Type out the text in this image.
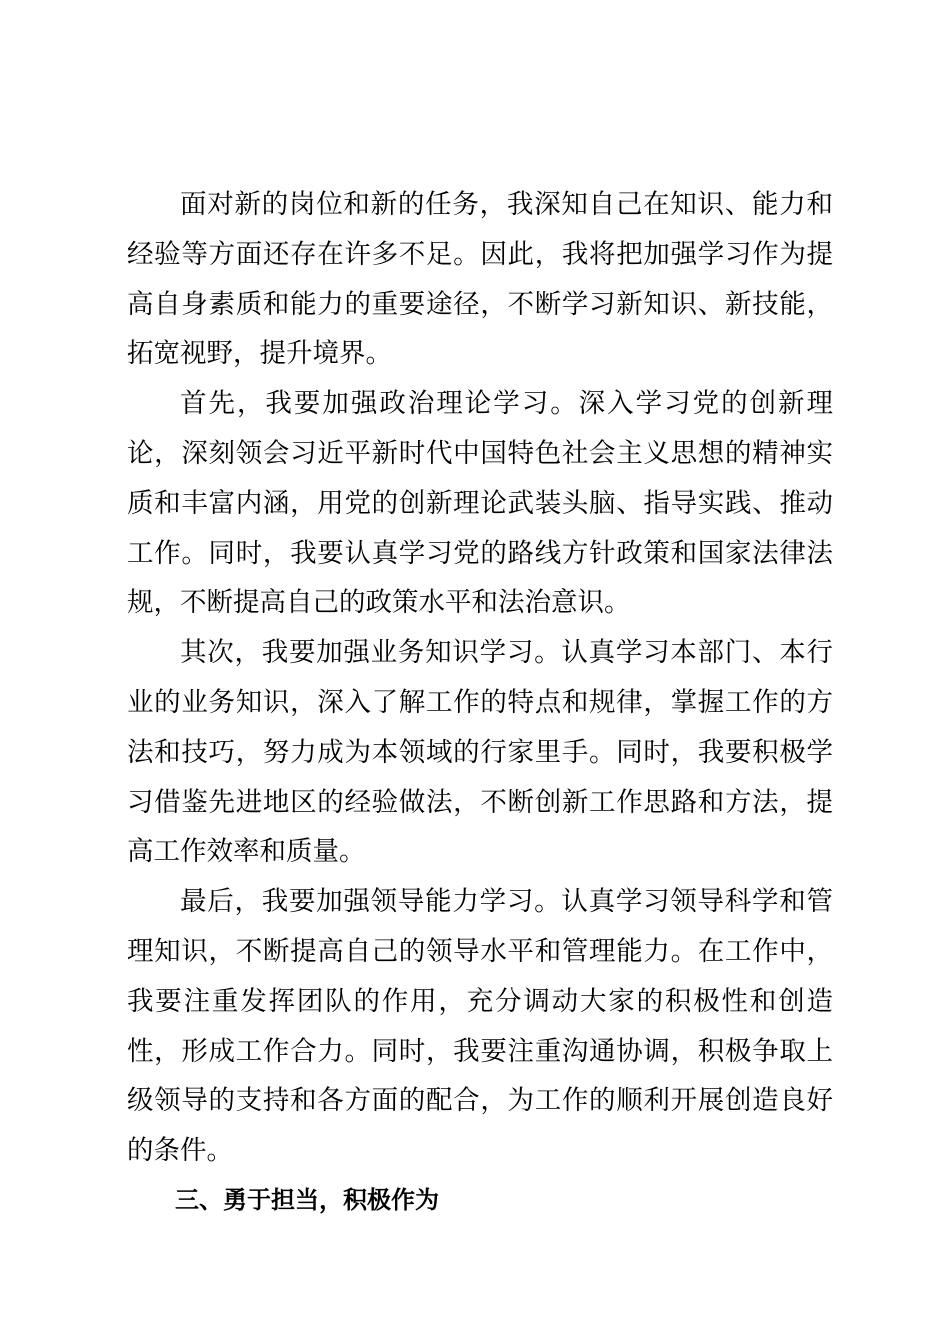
面对新的岗位和新的任务，我深知自己在知识、能力和经验等方面还存在许多不足。因此，我将把加强学习作为提高自身素质和能力的重要途径，不断学习新知识、新技能，拓宽视野，提升境界。

首先，我要加强政治理论学习。深入学习党的创新理论，深刻领会习近平新时代中国特色社会主义思想的精神实质和丰富内涵，用党的创新理论武装头脑、指导实践、推动工作。同时，我要认真学习党的路线方针政策和国家法律法规，不断提高自己的政策水平和法治意识。

其次，我要加强业务知识学习。认真学习本部门、本行业的业务知识，深入了解工作的特点和规律，掌握工作的方法和技巧，努力成为本领域的行家里手。同时，我要积极学习借鉴先进地区的经验做法，不断创新工作思路和方法，提高工作效率和质量。

最后，我要加强领导能力学习。认真学习领导科学和管理知识，不断提高自己的领导水平和管理能力。在工作中，我要注重发挥团队的作用，充分调动大家的积极性和创造性，形成工作合力。同时，我要注重沟通协调，积极争取上级领导的支持和各方面的配合，为工作的顺利开展创造良好的条件。

三、勇于担当，积极作为
